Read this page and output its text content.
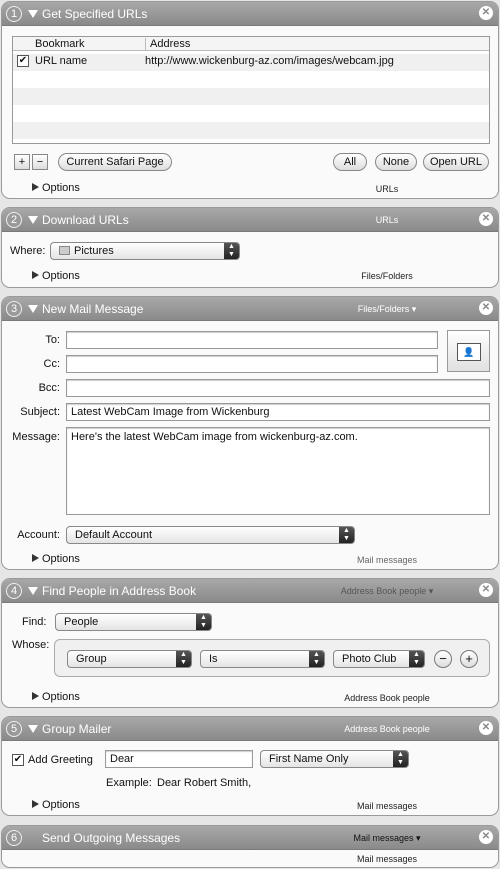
1	Get Specified URLs	✕
Bookmark	Address
✔ URL name	http://www.wickenburg-az.com/images/webcam.jpg
+	−	Current Safari Page	All	None	Open URL
Options	URLs
2	Download URLs	URLs	✕
Where:	Pictures	▲
▼
Options	Files/Folders
3	New Mail Message	Files/Folders ▾	✕
To:
Cc:
👤
Bcc:
Subject:	Latest WebCam Image from Wickenburg
Message:	Here's the latest WebCam image from wickenburg-az.com.
Account:	Default Account	▲
▼
Options	Mail messages
4	Find People in Address Book	Address Book people ▾	✕
Find:	People	▲
▼
Whose:
Group	▲
▼	Is	▲
▼	Photo Club	▲
▼	−	+
Options	Address Book people
5	Group Mailer	Address Book people	✕
✔ Add Greeting	Dear	First Name Only	▲
▼
Example: Dear Robert Smith,
Options	Mail messages
6	Send Outgoing Messages	Mail messages ▾	✕
Mail messages
